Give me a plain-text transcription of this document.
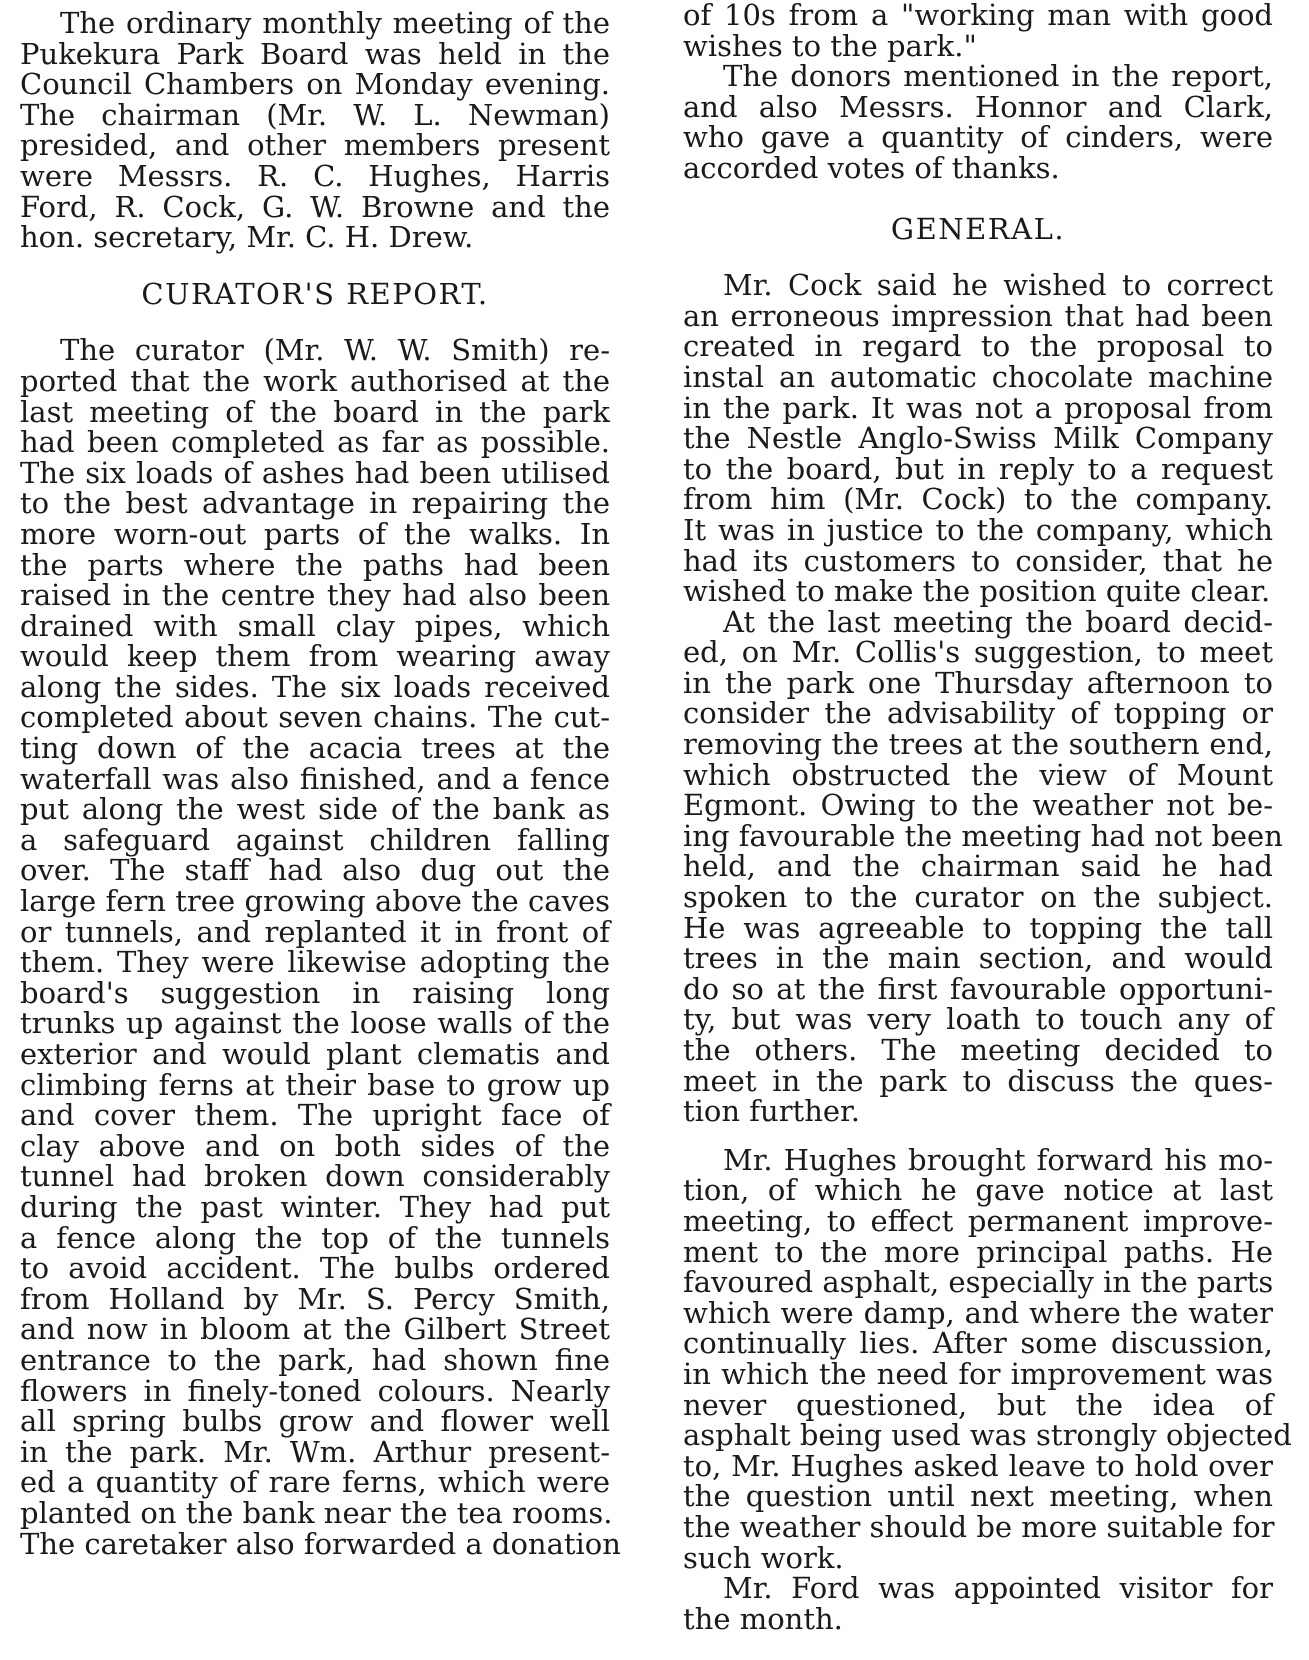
The ordinary monthly meeting of the
Pukekura Park Board was held in the
Council Chambers on Monday evening.
The chairman (Mr. W. L. Newman)
presided, and other members present
were Messrs. R. C. Hughes, Harris
Ford, R. Cock, G. W. Browne and the
hon. secretary, Mr. C. H. Drew.
CURATOR'S REPORT.
The curator (Mr. W. W. Smith) re-
ported that the work authorised at the
last meeting of the board in the park
had been completed as far as possible.
The six loads of ashes had been utilised
to the best advantage in repairing the
more worn-out parts of the walks. In
the parts where the paths had been
raised in the centre they had also been
drained with small clay pipes, which
would keep them from wearing away
along the sides. The six loads received
completed about seven chains. The cut-
ting down of the acacia trees at the
waterfall was also finished, and a fence
put along the west side of the bank as
a safeguard against children falling
over. The staff had also dug out the
large fern tree growing above the caves
or tunnels, and replanted it in front of
them. They were likewise adopting the
board's suggestion in raising long
trunks up against the loose walls of the
exterior and would plant clematis and
climbing ferns at their base to grow up
and cover them. The upright face of
clay above and on both sides of the
tunnel had broken down considerably
during the past winter. They had put
a fence along the top of the tunnels
to avoid accident. The bulbs ordered
from Holland by Mr. S. Percy Smith,
and now in bloom at the Gilbert Street
entrance to the park, had shown fine
flowers in finely-toned colours. Nearly
all spring bulbs grow and flower well
in the park. Mr. Wm. Arthur present-
ed a quantity of rare ferns, which were
planted on the bank near the tea rooms.
The caretaker also forwarded a donation
of 10s from a "working man with good
wishes to the park."
The donors mentioned in the report,
and also Messrs. Honnor and Clark,
who gave a quantity of cinders, were
accorded votes of thanks.
GENERAL.
Mr. Cock said he wished to correct
an erroneous impression that had been
created in regard to the proposal to
instal an automatic chocolate machine
in the park. It was not a proposal from
the Nestle Anglo-Swiss Milk Company
to the board, but in reply to a request
from him (Mr. Cock) to the company.
It was in justice to the company, which
had its customers to consider, that he
wished to make the position quite clear.
At the last meeting the board decid-
ed, on Mr. Collis's suggestion, to meet
in the park one Thursday afternoon to
consider the advisability of topping or
removing the trees at the southern end,
which obstructed the view of Mount
Egmont. Owing to the weather not be-
ing favourable the meeting had not been
held, and the chairman said he had
spoken to the curator on the subject.
He was agreeable to topping the tall
trees in the main section, and would
do so at the first favourable opportuni-
ty, but was very loath to touch any of
the others. The meeting decided to
meet in the park to discuss the ques-
tion further.
Mr. Hughes brought forward his mo-
tion, of which he gave notice at last
meeting, to effect permanent improve-
ment to the more principal paths. He
favoured asphalt, especially in the parts
which were damp, and where the water
continually lies. After some discussion,
in which the need for improvement was
never questioned, but the idea of
asphalt being used was strongly objected
to, Mr. Hughes asked leave to hold over
the question until next meeting, when
the weather should be more suitable for
such work.
Mr. Ford was appointed visitor for
the month.
